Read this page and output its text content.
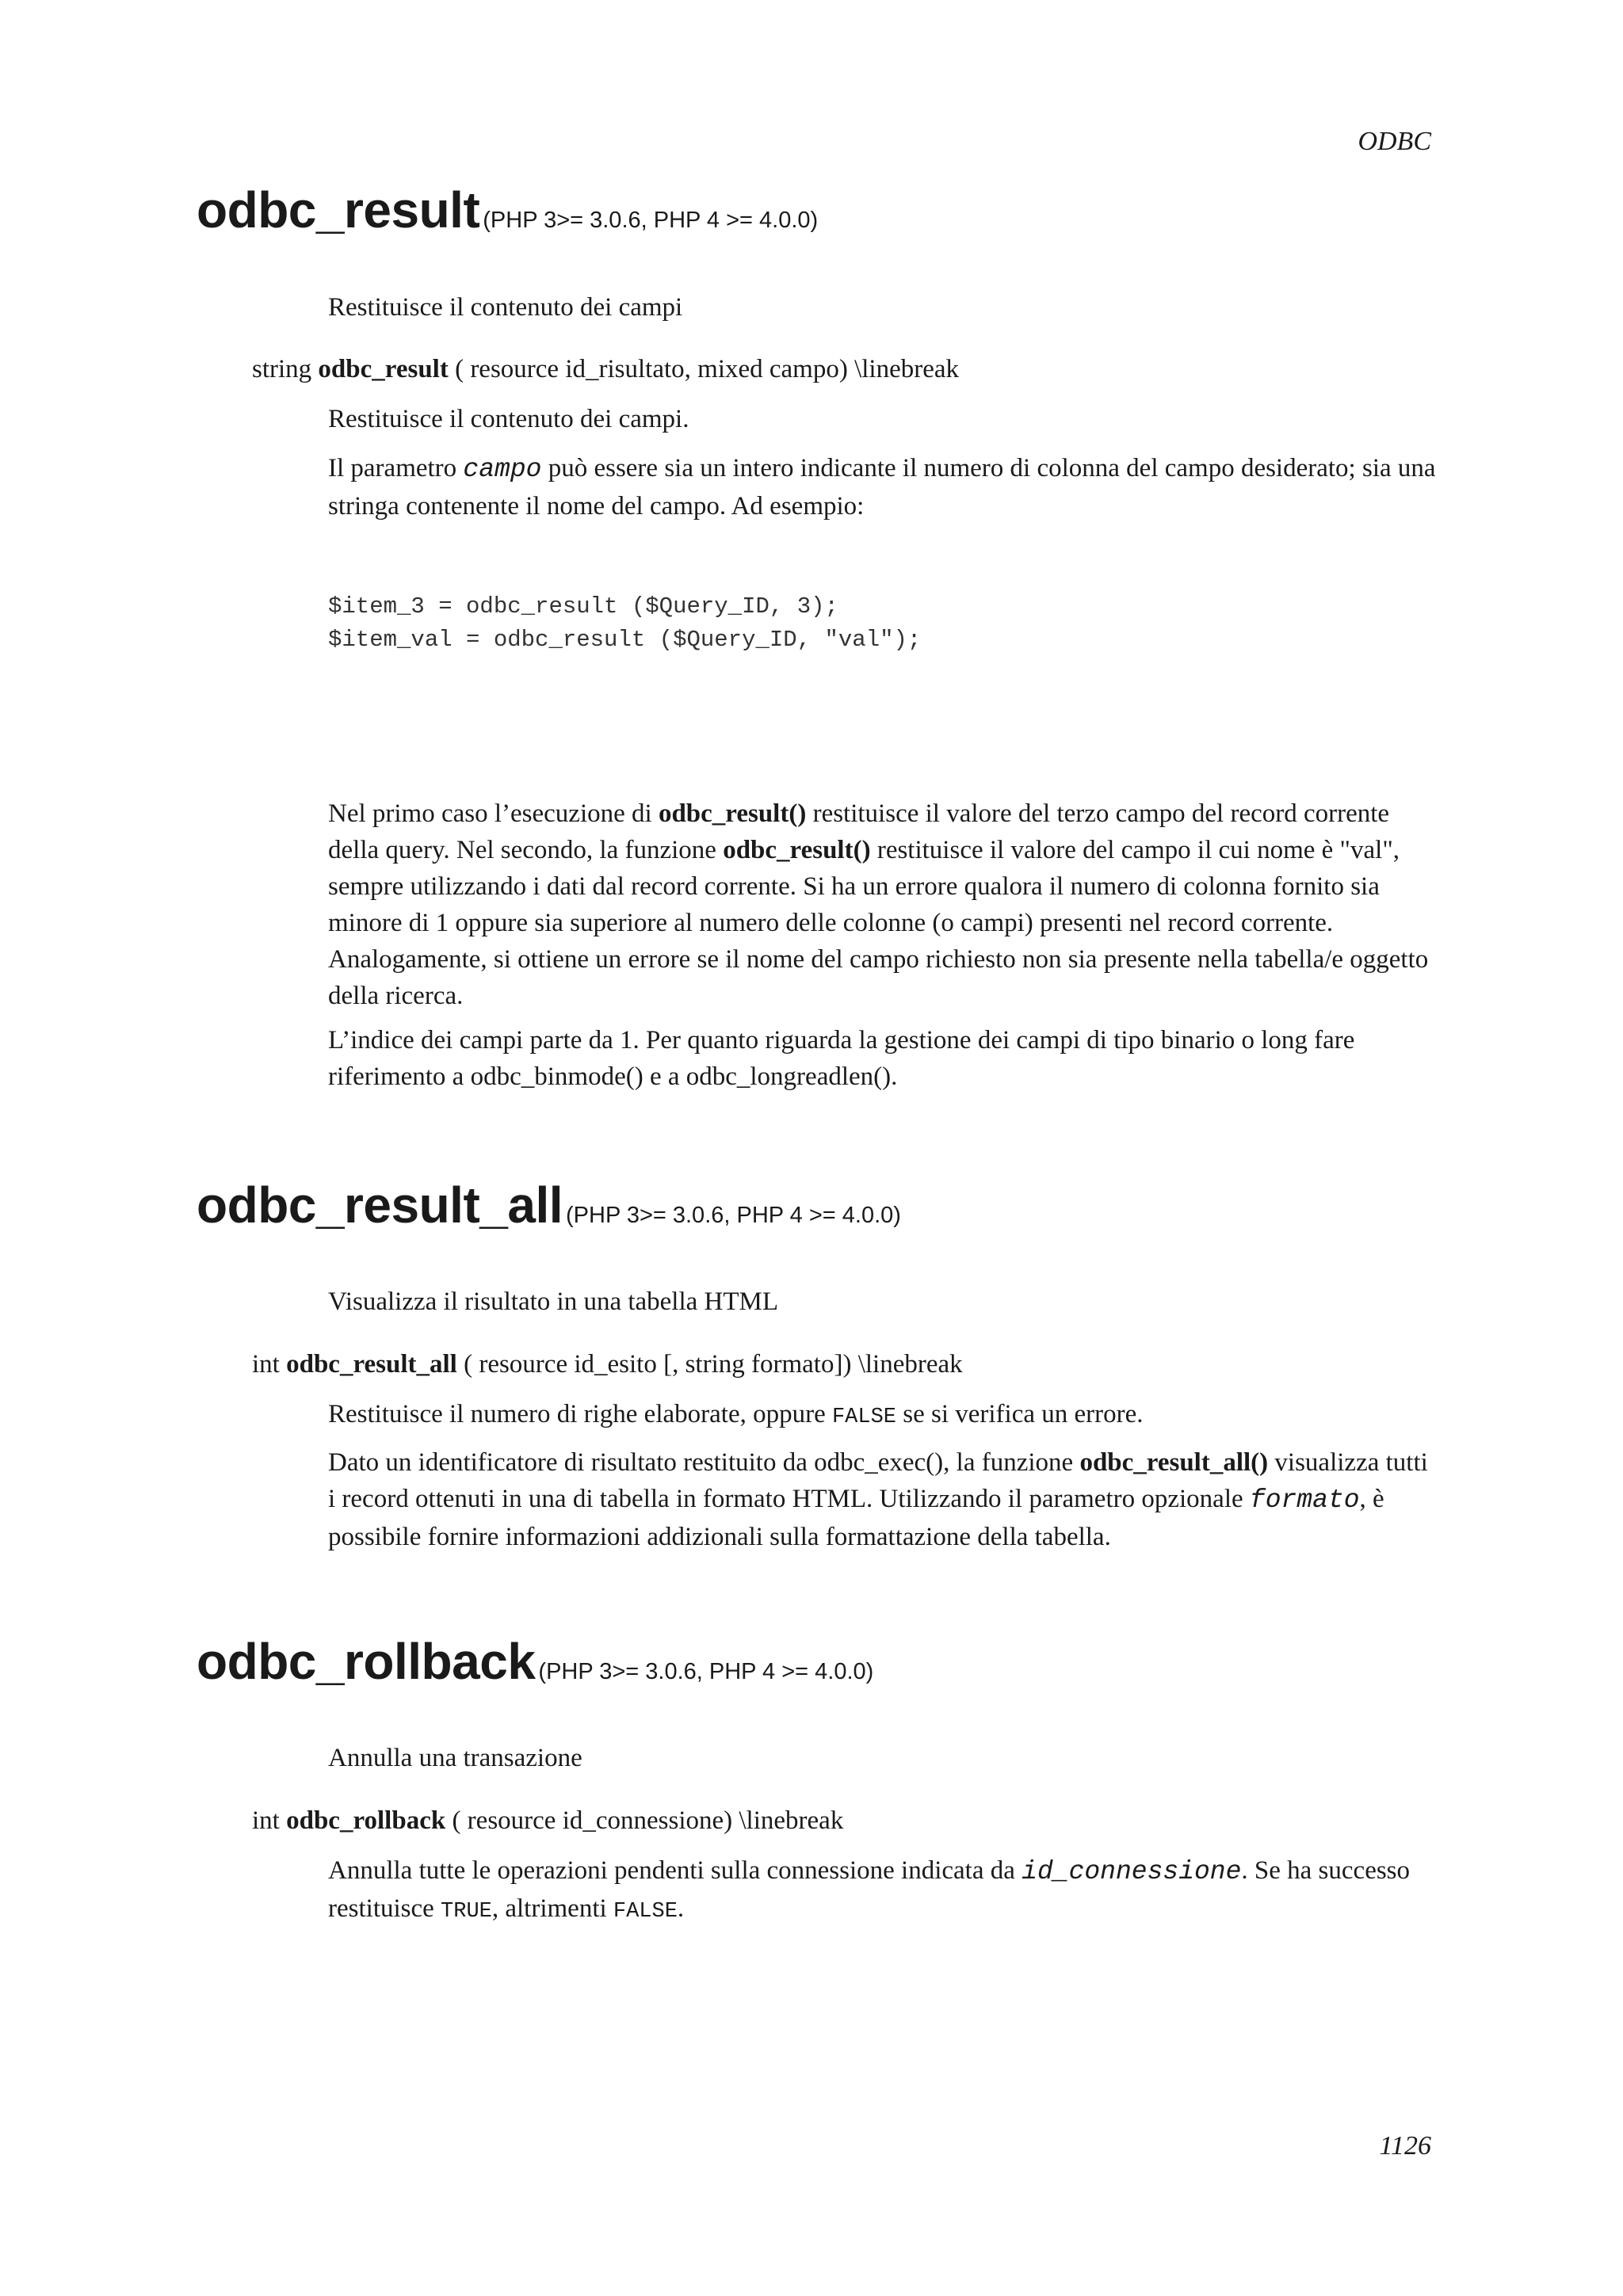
ODBC
odbc_result (PHP 3>= 3.0.6, PHP 4 >= 4.0.0)
Restituisce il contenuto dei campi
string odbc_result ( resource id_risultato, mixed campo) \linebreak
Restituisce il contenuto dei campi.

Il parametro campo può essere sia un intero indicante il numero di colonna del campo desiderato; sia una stringa contenente il nome del campo. Ad esempio:

$item_3 = odbc_result ($Query_ID, 3);
$item_val = odbc_result ($Query_ID, "val");

Nel primo caso l’esecuzione di odbc_result() restituisce il valore del terzo campo del record corrente della query. Nel secondo, la funzione odbc_result() restituisce il valore del campo il cui nome è "val", sempre utilizzando i dati dal record corrente. Si ha un errore qualora il numero di colonna fornito sia minore di 1 oppure sia superiore al numero delle colonne (o campi) presenti nel record corrente. Analogamente, si ottiene un errore se il nome del campo richiesto non sia presente nella tabella/e oggetto della ricerca.

L’indice dei campi parte da 1. Per quanto riguarda la gestione dei campi di tipo binario o long fare riferimento a odbc_binmode() e a odbc_longreadlen().

odbc_result_all (PHP 3>= 3.0.6, PHP 4 >= 4.0.0)
Visualizza il risultato in una tabella HTML
int odbc_result_all ( resource id_esito [, string formato]) \linebreak

Restituisce il numero di righe elaborate, oppure FALSE se si verifica un errore.

Dato un identificatore di risultato restituito da odbc_exec(), la funzione odbc_result_all() visualizza tutti i record ottenuti in una di tabella in formato HTML. Utilizzando il parametro opzionale formato, è possibile fornire informazioni addizionali sulla formattazione della tabella.

odbc_rollback (PHP 3>= 3.0.6, PHP 4 >= 4.0.0)
Annulla una transazione
int odbc_rollback ( resource id_connessione) \linebreak

Annulla tutte le operazioni pendenti sulla connessione indicata da id_connessione. Se ha successo restituisce TRUE, altrimenti FALSE.

1126
